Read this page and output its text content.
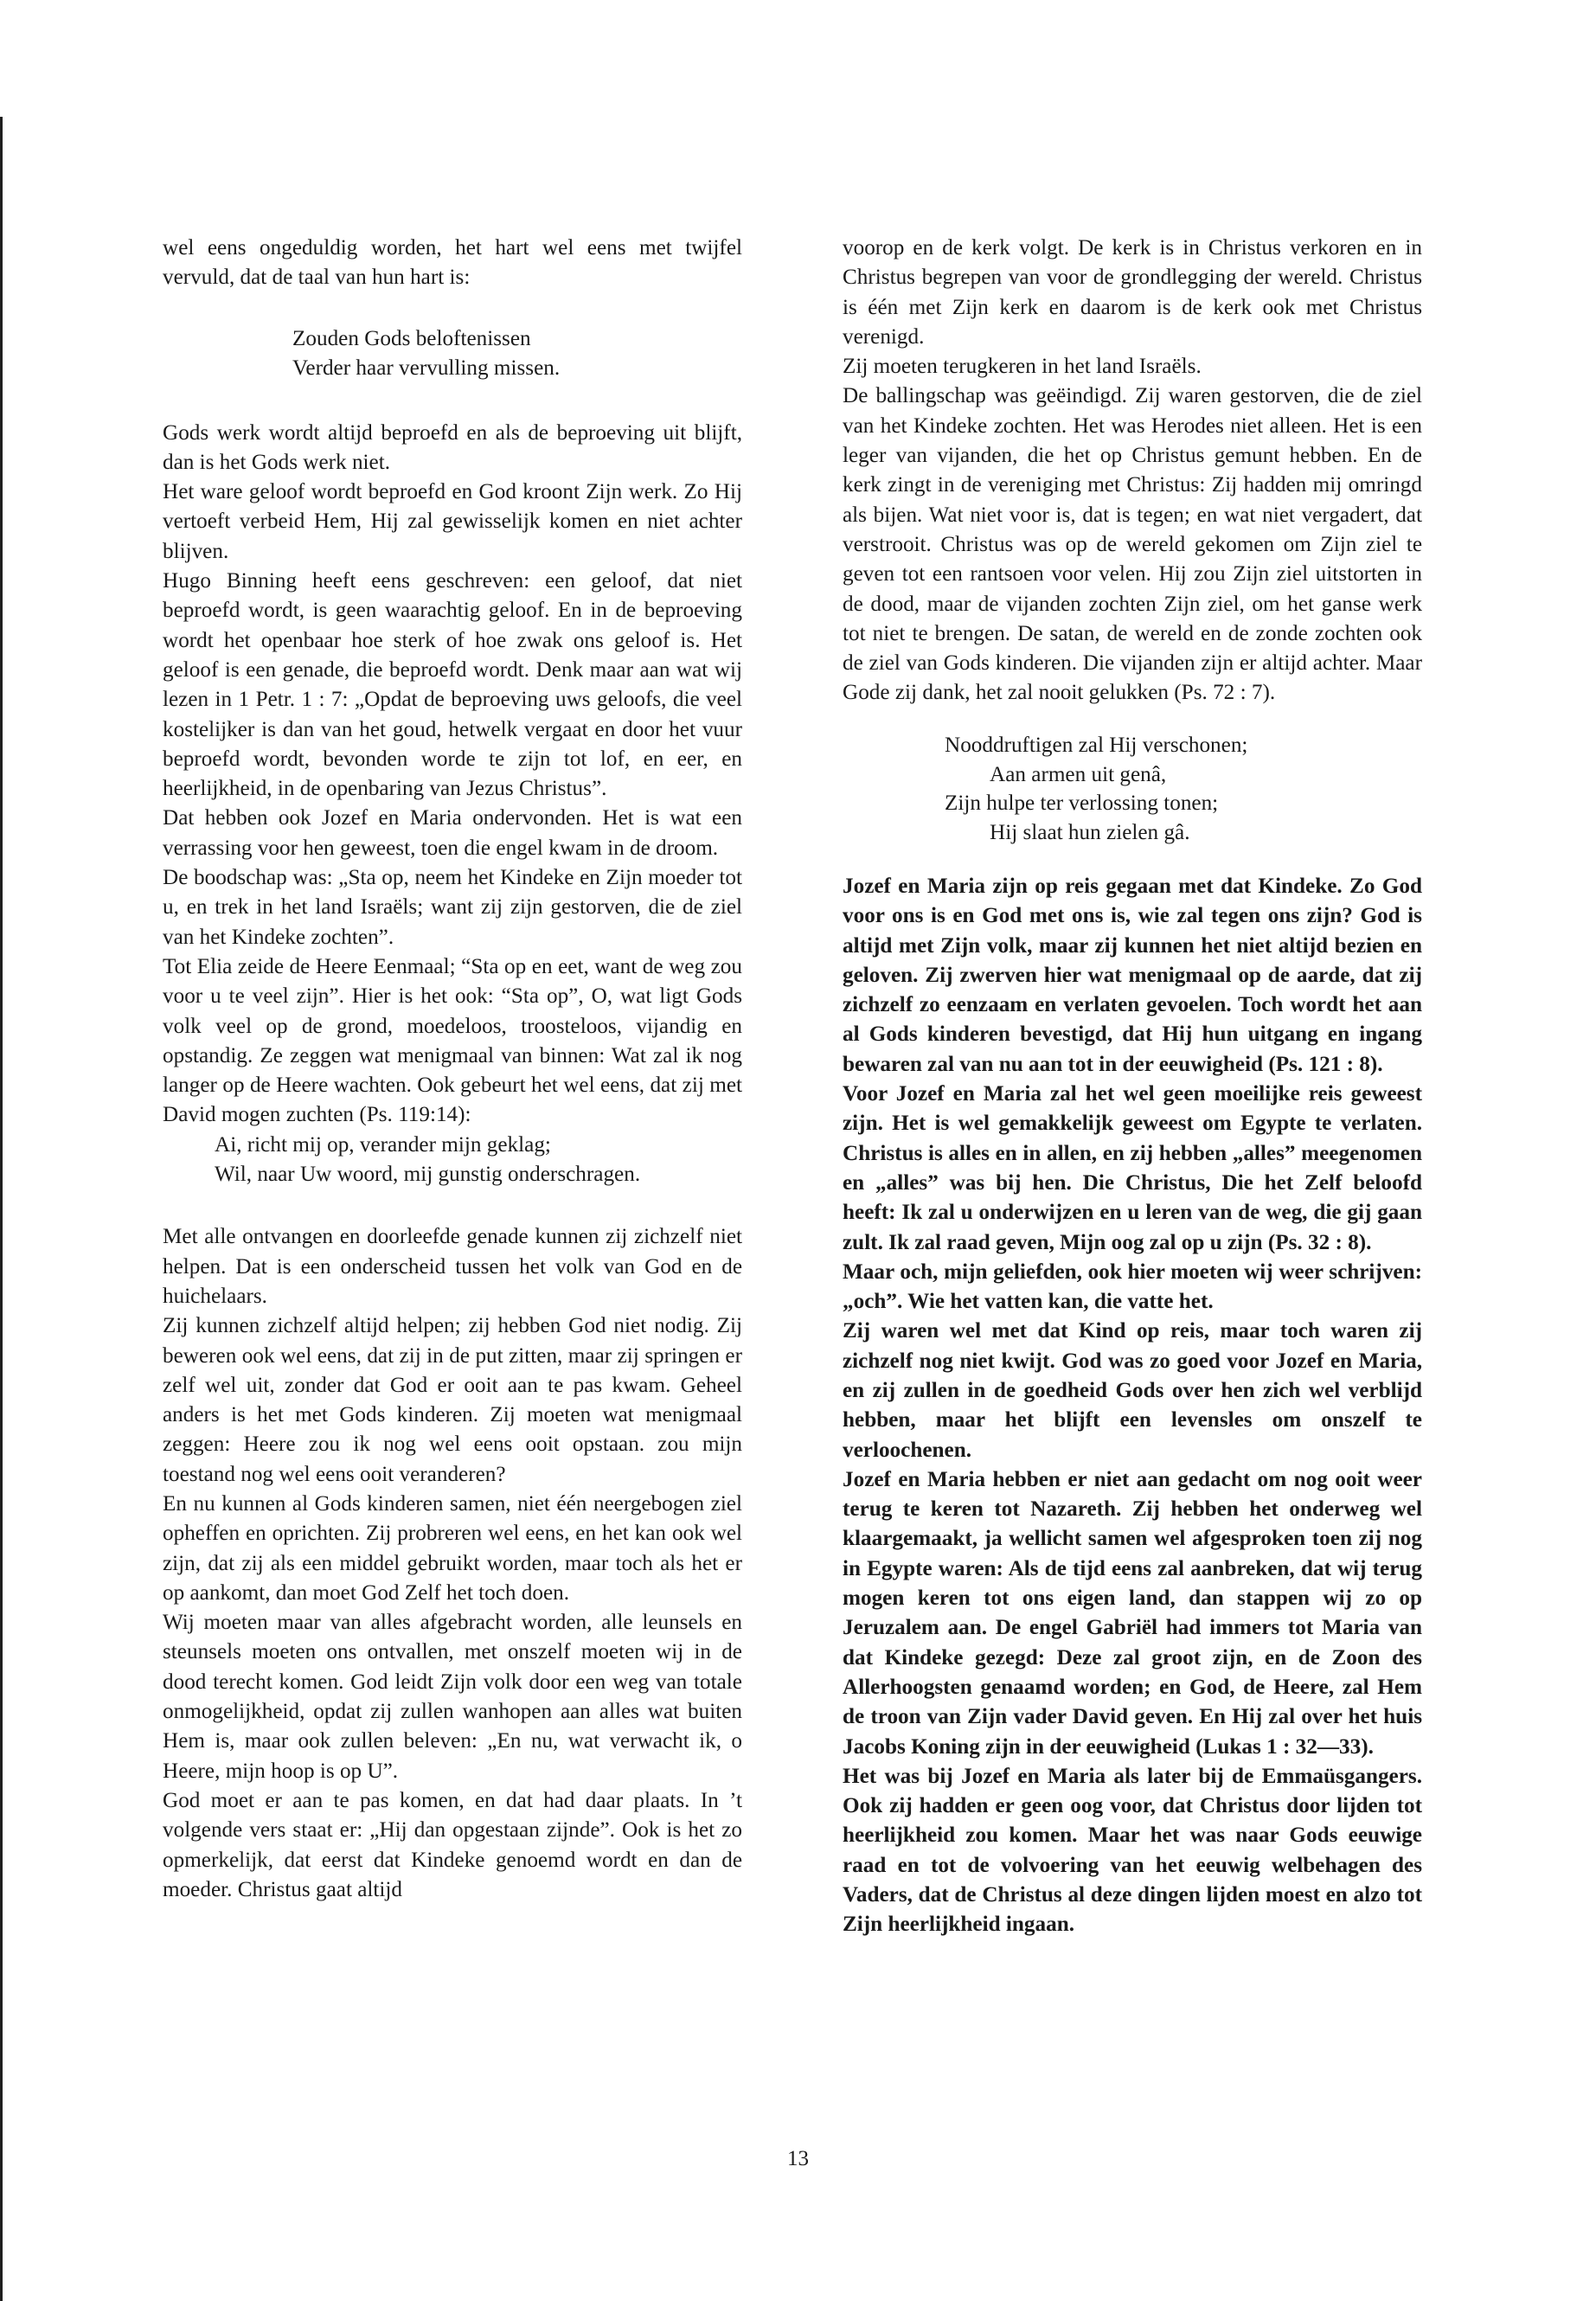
wel eens ongeduldig worden, het hart wel eens met twijfel vervuld, dat de taal van hun hart is:

Zouden Gods beloftenissen
Verder haar vervulling missen.

Gods werk wordt altijd beproefd en als de beproeving uit blijft, dan is het Gods werk niet.

Het ware geloof wordt beproefd en God kroont Zijn werk. Zo Hij vertoeft verbeid Hem, Hij zal gewisselijk komen en niet achter blijven.

Hugo Binning heeft eens geschreven: een geloof, dat niet beproefd wordt, is geen waarachtig geloof. En in de beproeving wordt het openbaar hoe sterk of hoe zwak ons geloof is. Het geloof is een genade, die beproefd wordt. Denk maar aan wat wij lezen in 1 Petr. 1 : 7: „Opdat de beproeving uws geloofs, die veel kostelijker is dan van het goud, hetwelk vergaat en door het vuur beproefd wordt, bevonden worde te zijn tot lof, en eer, en heerlijkheid, in de openbaring van Jezus Christus”.

Dat hebben ook Jozef en Maria ondervonden. Het is wat een verrassing voor hen geweest, toen die engel kwam in de droom.

De boodschap was: „Sta op, neem het Kindeke en Zijn moeder tot u, en trek in het land Israëls; want zij zijn gestorven, die de ziel van het Kindeke zochten”.

Tot Elia zeide de Heere Eenmaal; “Sta op en eet, want de weg zou voor u te veel zijn”. Hier is het ook: “Sta op”, O, wat ligt Gods volk veel op de grond, moedeloos, troosteloos, vijandig en opstandig. Ze zeggen wat menigmaal van binnen: Wat zal ik nog langer op de Heere wachten. Ook gebeurt het wel eens, dat zij met David mogen zuchten (Ps. 119:14):

Ai, richt mij op, verander mijn geklag;
Wil, naar Uw woord, mij gunstig onderschragen.

Met alle ontvangen en doorleefde genade kunnen zij zichzelf niet helpen. Dat is een onderscheid tussen het volk van God en de huichelaars.

Zij kunnen zichzelf altijd helpen; zij hebben God niet nodig. Zij beweren ook wel eens, dat zij in de put zitten, maar zij springen er zelf wel uit, zonder dat God er ooit aan te pas kwam. Geheel anders is het met Gods kinderen. Zij moeten wat menigmaal zeggen: Heere zou ik nog wel eens ooit opstaan. zou mijn toestand nog wel eens ooit veranderen?

En nu kunnen al Gods kinderen samen, niet één neergebogen ziel opheffen en oprichten. Zij probreren wel eens, en het kan ook wel zijn, dat zij als een middel gebruikt worden, maar toch als het er op aankomt, dan moet God Zelf het toch doen.

Wij moeten maar van alles afgebracht worden, alle leunsels en steunsels moeten ons ontvallen, met onszelf moeten wij in de dood terecht komen. God leidt Zijn volk door een weg van totale onmogelijkheid, opdat zij zullen wanhopen aan alles wat buiten Hem is, maar ook zullen beleven: „En nu, wat verwacht ik, o Heere, mijn hoop is op U”.

God moet er aan te pas komen, en dat had daar plaats. In ’t volgende vers staat er: „Hij dan opgestaan zijnde”. Ook is het zo opmerkelijk, dat eerst dat Kindeke genoemd wordt en dan de moeder. Christus gaat altijd

voorop en de kerk volgt. De kerk is in Christus verkoren en in Christus begrepen van voor de grondlegging der wereld. Christus is één met Zijn kerk en daarom is de kerk ook met Christus verenigd.

Zij moeten terugkeren in het land Israëls.

De ballingschap was geëindigd. Zij waren gestorven, die de ziel van het Kindeke zochten. Het was Herodes niet alleen. Het is een leger van vijanden, die het op Christus gemunt hebben. En de kerk zingt in de vereniging met Christus: Zij hadden mij omringd als bijen. Wat niet voor is, dat is tegen; en wat niet vergadert, dat verstrooit. Christus was op de wereld gekomen om Zijn ziel te geven tot een rantsoen voor velen. Hij zou Zijn ziel uitstorten in de dood, maar de vijanden zochten Zijn ziel, om het ganse werk tot niet te brengen. De satan, de wereld en de zonde zochten ook de ziel van Gods kinderen. Die vijanden zijn er altijd achter. Maar Gode zij dank, het zal nooit gelukken (Ps. 72 : 7).

Nooddruftigen zal Hij verschonen;
Aan armen uit genâ,
Zijn hulpe ter verlossing tonen;
Hij slaat hun zielen gâ.

Jozef en Maria zijn op reis gegaan met dat Kindeke. Zo God voor ons is en God met ons is, wie zal tegen ons zijn? God is altijd met Zijn volk, maar zij kunnen het niet altijd bezien en geloven. Zij zwerven hier wat menigmaal op de aarde, dat zij zichzelf zo eenzaam en verlaten gevoelen. Toch wordt het aan al Gods kinderen bevestigd, dat Hij hun uitgang en ingang bewaren zal van nu aan tot in der eeuwigheid (Ps. 121 : 8).

Voor Jozef en Maria zal het wel geen moeilijke reis geweest zijn. Het is wel gemakkelijk geweest om Egypte te verlaten. Christus is alles en in allen, en zij hebben „alles” meegenomen en „alles” was bij hen. Die Christus, Die het Zelf beloofd heeft: Ik zal u onderwijzen en u leren van de weg, die gij gaan zult. Ik zal raad geven, Mijn oog zal op u zijn (Ps. 32 : 8).

Maar och, mijn geliefden, ook hier moeten wij weer schrijven: „och”. Wie het vatten kan, die vatte het.

Zij waren wel met dat Kind op reis, maar toch waren zij zichzelf nog niet kwijt. God was zo goed voor Jozef en Maria, en zij zullen in de goedheid Gods over hen zich wel verblijd hebben, maar het blijft een levensles om onszelf te verloochenen.

Jozef en Maria hebben er niet aan gedacht om nog ooit weer terug te keren tot Nazareth. Zij hebben het onderweg wel klaargemaakt, ja wellicht samen wel afgesproken toen zij nog in Egypte waren: Als de tijd eens zal aanbreken, dat wij terug mogen keren tot ons eigen land, dan stappen wij zo op Jeruzalem aan. De engel Gabriël had immers tot Maria van dat Kindeke gezegd: Deze zal groot zijn, en de Zoon des Allerhoogsten genaamd worden; en God, de Heere, zal Hem de troon van Zijn vader David geven. En Hij zal over het huis Jacobs Koning zijn in der eeuwigheid (Lukas 1 : 32—33).

Het was bij Jozef en Maria als later bij de Emmaüsgangers. Ook zij hadden er geen oog voor, dat Christus door lijden tot heerlijkheid zou komen. Maar het was naar Gods eeuwige raad en tot de volvoering van het eeuwig welbehagen des Vaders, dat de Christus al deze dingen lijden moest en alzo tot Zijn heerlijkheid ingaan.

13
